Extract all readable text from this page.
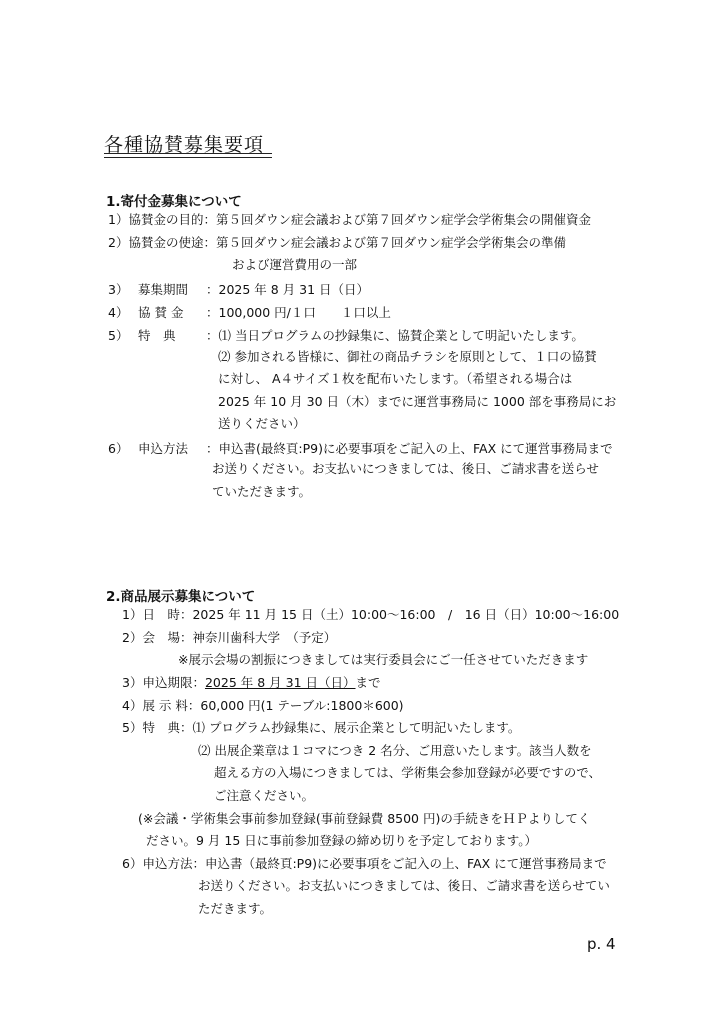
各種協賛募集要項
1.寄付金募集について
1）協賛金の目的：第５回ダウン症会議および第７回ダウン症学会学術集会の開催資金
2）協賛金の使途：第５回ダウン症会議および第７回ダウン症学会学術集会の準備
および運営費用の一部
3） 募集期間 ：2025 年 8 月 31 日（日）
4） 協 賛 金 ：100,000 円/１口　　１口以上
5） 特　典 ：⑴ 当日プログラムの抄録集に、協賛企業として明記いたします。
⑵ 参加される皆様に、御社の商品チラシを原則として、１口の協賛
に対し、 A４サイズ１枚を配布いたします。（希望される場合は
2025 年 10 月 30 日（木）までに運営事務局に 1000 部を事務局にお
送りください）
6） 申込方法 ：申込書(最終頁:P9)に必要事項をご記入の上、FAX にて運営事務局まで
お送りください。お支払いにつきましては、後日、ご請求書を送らせ
ていただきます。
2.商品展示募集について
1）日　時：2025 年 11 月 15 日（土）10:00〜16:00　/　16 日（日）10:00〜16:00
2）会　場：神奈川歯科大学　（予定）
※展示会場の割振につきましては実行委員会にご一任させていただきます
3）申込期限：2025 年 8 月 31 日（日）まで
4）展 示 料：60,000 円(1 テーブル:1800＊600)
5）特　典：⑴ プログラム抄録集に、展示企業として明記いたします。
⑵ 出展企業章は１コマにつき 2 名分、ご用意いたします。該当人数を
超える方の入場につきましては、学術集会参加登録が必要ですので、
ご注意ください。
(※会議・学術集会事前参加登録(事前登録費 8500 円)の手続きをＨＰよりしてく
ださい。9 月 15 日に事前参加登録の締め切りを予定しております。）
6）申込方法：申込書（最終頁:P9)に必要事項をご記入の上、FAX にて運営事務局まで
お送りください。お支払いにつきましては、後日、ご請求書を送らせてい
ただきます。
p. 4
